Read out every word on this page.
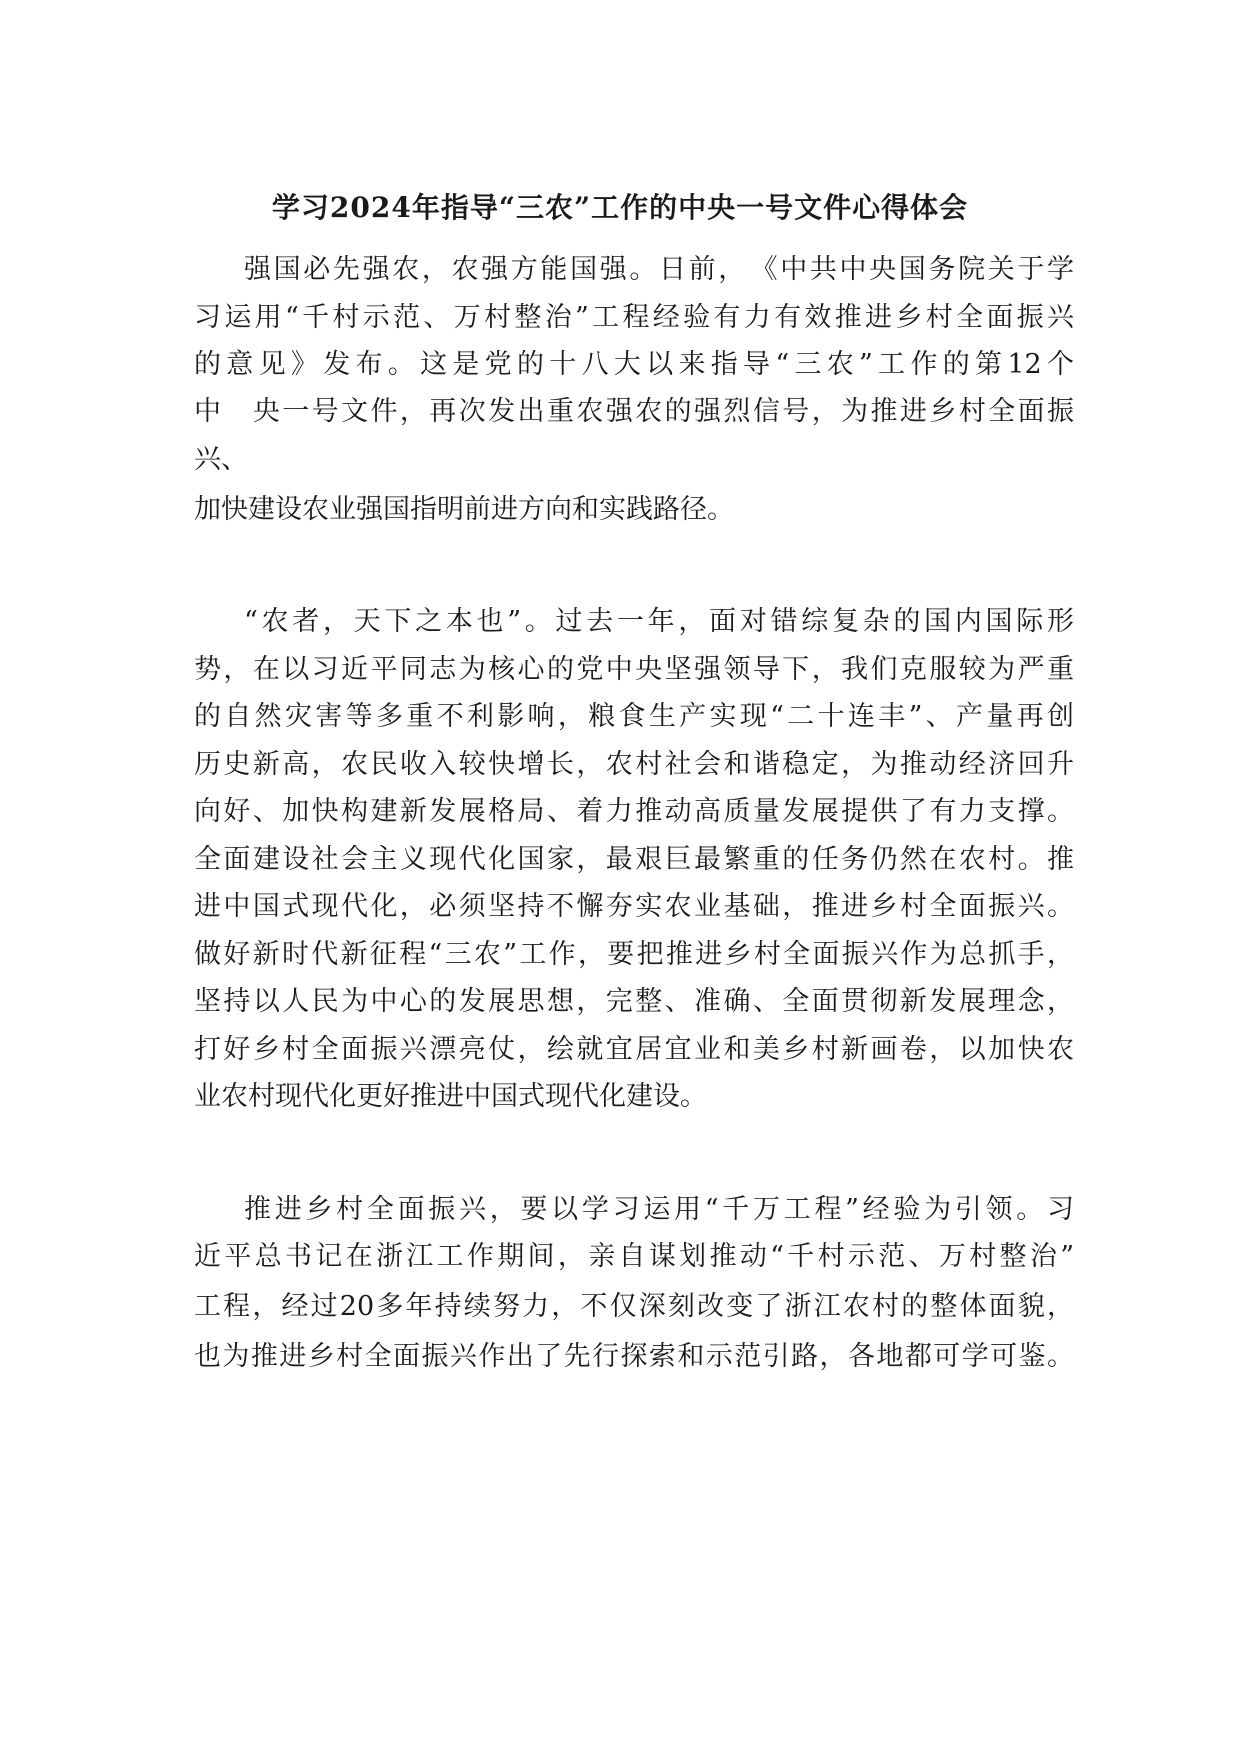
学习2024年指导“三农”工作的中央一号文件心得体会

强国必先强农，农强方能国强。日前，　《中共中央国务院关于学

习运用“千村示范、万村整治”工程经验有力有效推进乡村全面振兴

的意见》发布。这是党的十八大以来指导“三农”工作的第12个

中　央一号文件，再次发出重农强农的强烈信号，为推进乡村全面振

兴、

加快建设农业强国指明前进方向和实践路径。

“农者，天下之本也”。过去一年，面对错综复杂的国内国际形

势，在以习近平同志为核心的党中央坚强领导下，我们克服较为严重

的自然灾害等多重不利影响，粮食生产实现“二十连丰”、产量再创

历史新高，农民收入较快增长，农村社会和谐稳定，为推动经济回升

向好、加快构建新发展格局、着力推动高质量发展提供了有力支撑。

全面建设社会主义现代化国家，最艰巨最繁重的任务仍然在农村。推

进中国式现代化，必须坚持不懈夯实农业基础，推进乡村全面振兴。

做好新时代新征程“三农”工作，要把推进乡村全面振兴作为总抓手，

坚持以人民为中心的发展思想，完整、准确、全面贯彻新发展理念，

打好乡村全面振兴漂亮仗，绘就宜居宜业和美乡村新画卷，以加快农

业农村现代化更好推进中国式现代化建设。

推进乡村全面振兴，要以学习运用“千万工程”经验为引领。习

近平总书记在浙江工作期间，亲自谋划推动“千村示范、万村整治”

工程，经过20多年持续努力，不仅深刻改变了浙江农村的整体面貌，

也为推进乡村全面振兴作出了先行探索和示范引路，各地都可学可鉴。
